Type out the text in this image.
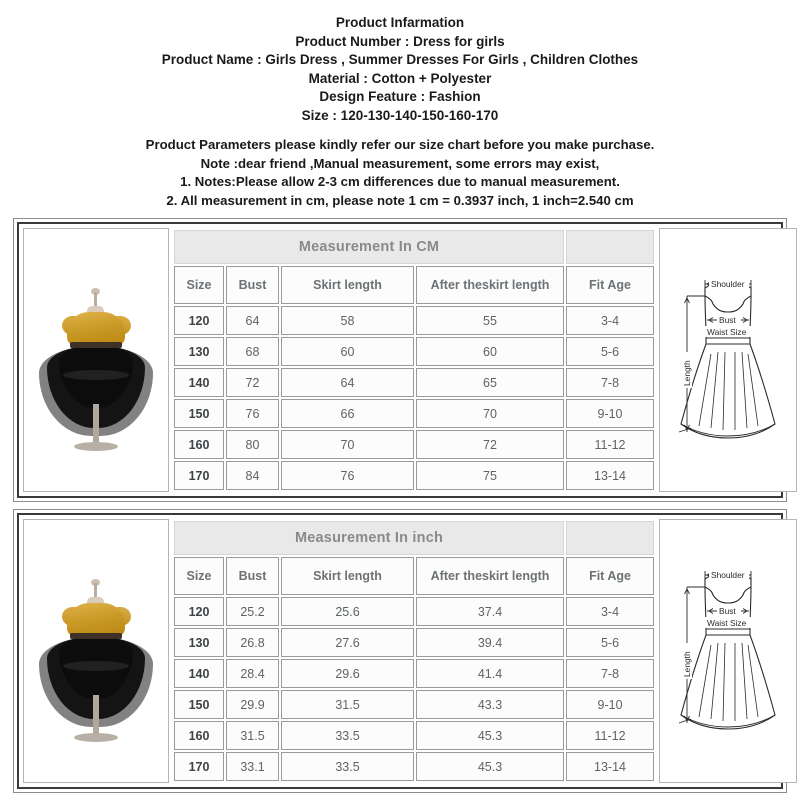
Product Infarmation
Product Number : Dress for girls
Product Name : Girls Dress , Summer Dresses For Girls , Children Clothes
Material : Cotton + Polyester
Design Feature : Fashion
Size : 120-130-140-150-160-170
Product Parameters please kindly refer our size chart before you make purchase.
Note :dear friend ,Manual measurement, some errors may exist,
1. Notes:Please allow 2-3 cm differences due to manual measurement.
2. All measurement in cm, please note 1 cm = 0.3937 inch, 1 inch=2.540 cm
Measurement In CM				
Size	Bust	Skirt length	After theskirt length	Fit Age
120	64	58	55	3-4
130	68	60	60	5-6
140	72	64	65	7-8
150	76	66	70	9-10
160	80	70	72	11-12
170	84	76	75	13-14
Shoulder
Bust
Waist Size
Length
Measurement In inch				
Size	Bust	Skirt length	After theskirt length	Fit Age
120	25.2	25.6	37.4	3-4
130	26.8	27.6	39.4	5-6
140	28.4	29.6	41.4	7-8
150	29.9	31.5	43.3	9-10
160	31.5	33.5	45.3	11-12
170	33.1	33.5	45.3	13-14
Shoulder
Bust
Waist Size
Length
